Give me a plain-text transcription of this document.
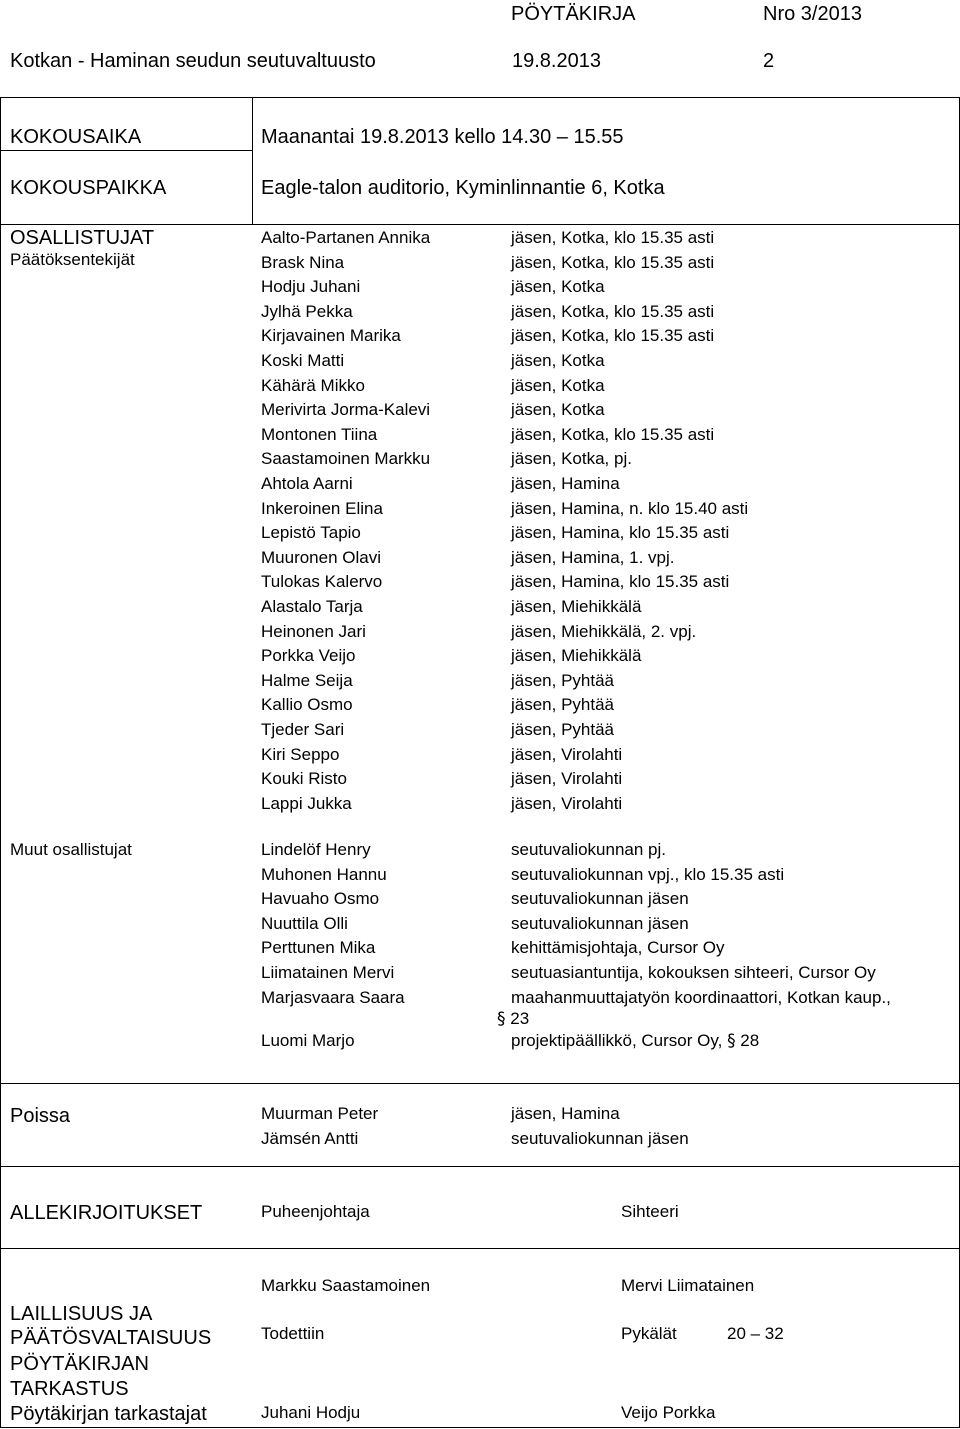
PÖYTÄKIRJA	Nro 3/2013
Kotkan - Haminan seudun seutuvaltuusto	19.8.2013	2
KOKOUSAIKA	Maanantai 19.8.2013 kello 14.30 – 15.55
KOKOUSPAIKKA	Eagle-talon auditorio, Kyminlinnantie 6, Kotka
OSALLISTUJAT
Päätöksentekijät
Aalto-Partanen Annika	jäsen, Kotka, klo 15.35 asti
Brask Nina	jäsen, Kotka, klo 15.35 asti
Hodju Juhani	jäsen, Kotka
Jylhä Pekka	jäsen, Kotka, klo 15.35 asti
Kirjavainen Marika	jäsen, Kotka, klo 15.35 asti
Koski Matti	jäsen, Kotka
Kähärä Mikko	jäsen, Kotka
Merivirta Jorma-Kalevi	jäsen, Kotka
Montonen Tiina	jäsen, Kotka, klo 15.35 asti
Saastamoinen Markku	jäsen, Kotka, pj.
Ahtola Aarni	jäsen, Hamina
Inkeroinen Elina	jäsen, Hamina, n. klo 15.40 asti
Lepistö Tapio	jäsen, Hamina, klo 15.35 asti
Muuronen Olavi	jäsen, Hamina, 1. vpj.
Tulokas Kalervo	jäsen, Hamina, klo 15.35 asti
Alastalo Tarja	jäsen, Miehikkälä
Heinonen Jari	jäsen, Miehikkälä, 2. vpj.
Porkka Veijo	jäsen, Miehikkälä
Halme Seija	jäsen, Pyhtää
Kallio Osmo	jäsen, Pyhtää
Tjeder Sari	jäsen, Pyhtää
Kiri Seppo	jäsen, Virolahti
Kouki Risto	jäsen, Virolahti
Lappi Jukka	jäsen, Virolahti
Muut osallistujat	Lindelöf Henry	seutuvaliokunnan pj.
Muhonen Hannu	seutuvaliokunnan vpj., klo 15.35 asti
Havuaho Osmo	seutuvaliokunnan jäsen
Nuuttila Olli	seutuvaliokunnan jäsen
Perttunen Mika	kehittämisjohtaja, Cursor Oy
Liimatainen Mervi	seutuasiantuntija, kokouksen sihteeri, Cursor Oy
Marjasvaara Saara	maahanmuuttajatyön koordinaattori, Kotkan kaup.,
§ 23
Luomi Marjo	projektipäällikkö, Cursor Oy, § 28
Poissa	Muurman Peter	jäsen, Hamina
Jämsén Antti	seutuvaliokunnan jäsen
ALLEKIRJOITUKSET	Puheenjohtaja	Sihteeri
Markku Saastamoinen	Mervi Liimatainen
LAILLISUUS JA
PÄÄTÖSVALTAISUUS
PÖYTÄKIRJAN
TARKASTUS
Pöytäkirjan tarkastajat
Todettiin	Pykälät	20 – 32
Juhani Hodju	Veijo Porkka
